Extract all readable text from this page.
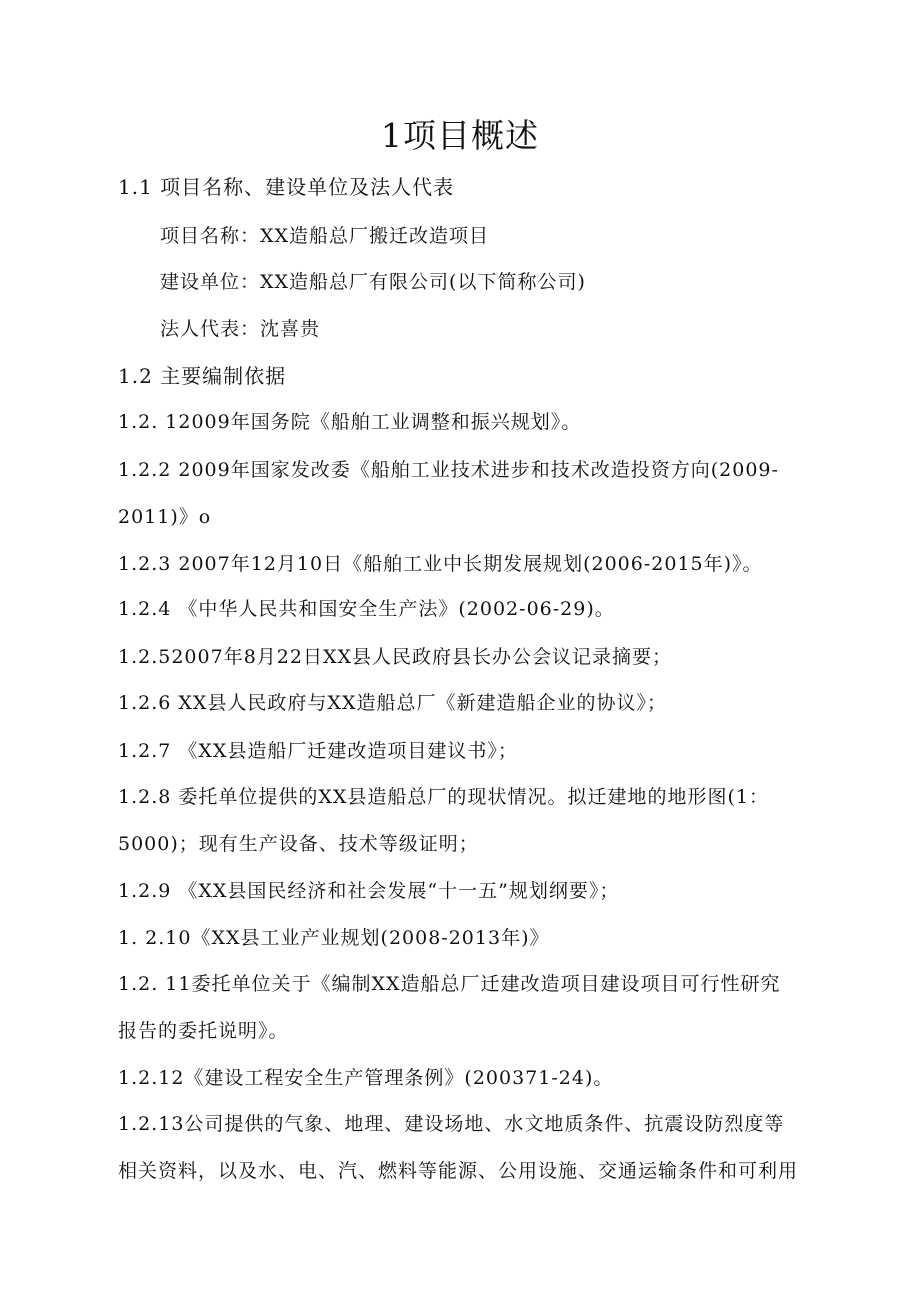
1项目概述
1.1 项目名称、建设单位及法人代表
项目名称：XX造船总厂搬迁改造项目
建设单位：XX造船总厂有限公司(以下简称公司)
法人代表：沈喜贵
1.2 主要编制依据
1.2. 12009年国务院《船舶工业调整和振兴规划》。
1.2.2 2009年国家发改委《船舶工业技术进步和技术改造投资方向(2009-
2011)》o
1.2.3 2007年12月10日《船舶工业中长期发展规划(2006-2015年)》。
1.2.4 《中华人民共和国安全生产法》(2002-06-29)。
1.2.52007年8月22日XX县人民政府县长办公会议记录摘要；
1.2.6 XX县人民政府与XX造船总厂《新建造船企业的协议》；
1.2.7 《XX县造船厂迁建改造项目建议书》；
1.2.8 委托单位提供的XX县造船总厂的现状情况。拟迁建地的地形图(1：
5000)；现有生产设备、技术等级证明；
1.2.9 《XX县国民经济和社会发展“十一五”规划纲要》；
1. 2.10《XX县工业产业规划(2008-2013年)》
1.2. 11委托单位关于《编制XX造船总厂迁建改造项目建设项目可行性研究
报告的委托说明》。
1.2.12《建设工程安全生产管理条例》(200371-24)。
1.2.13公司提供的气象、地理、建设场地、水文地质条件、抗震设防烈度等
相关资料，以及水、电、汽、燃料等能源、公用设施、交通运输条件和可利用
